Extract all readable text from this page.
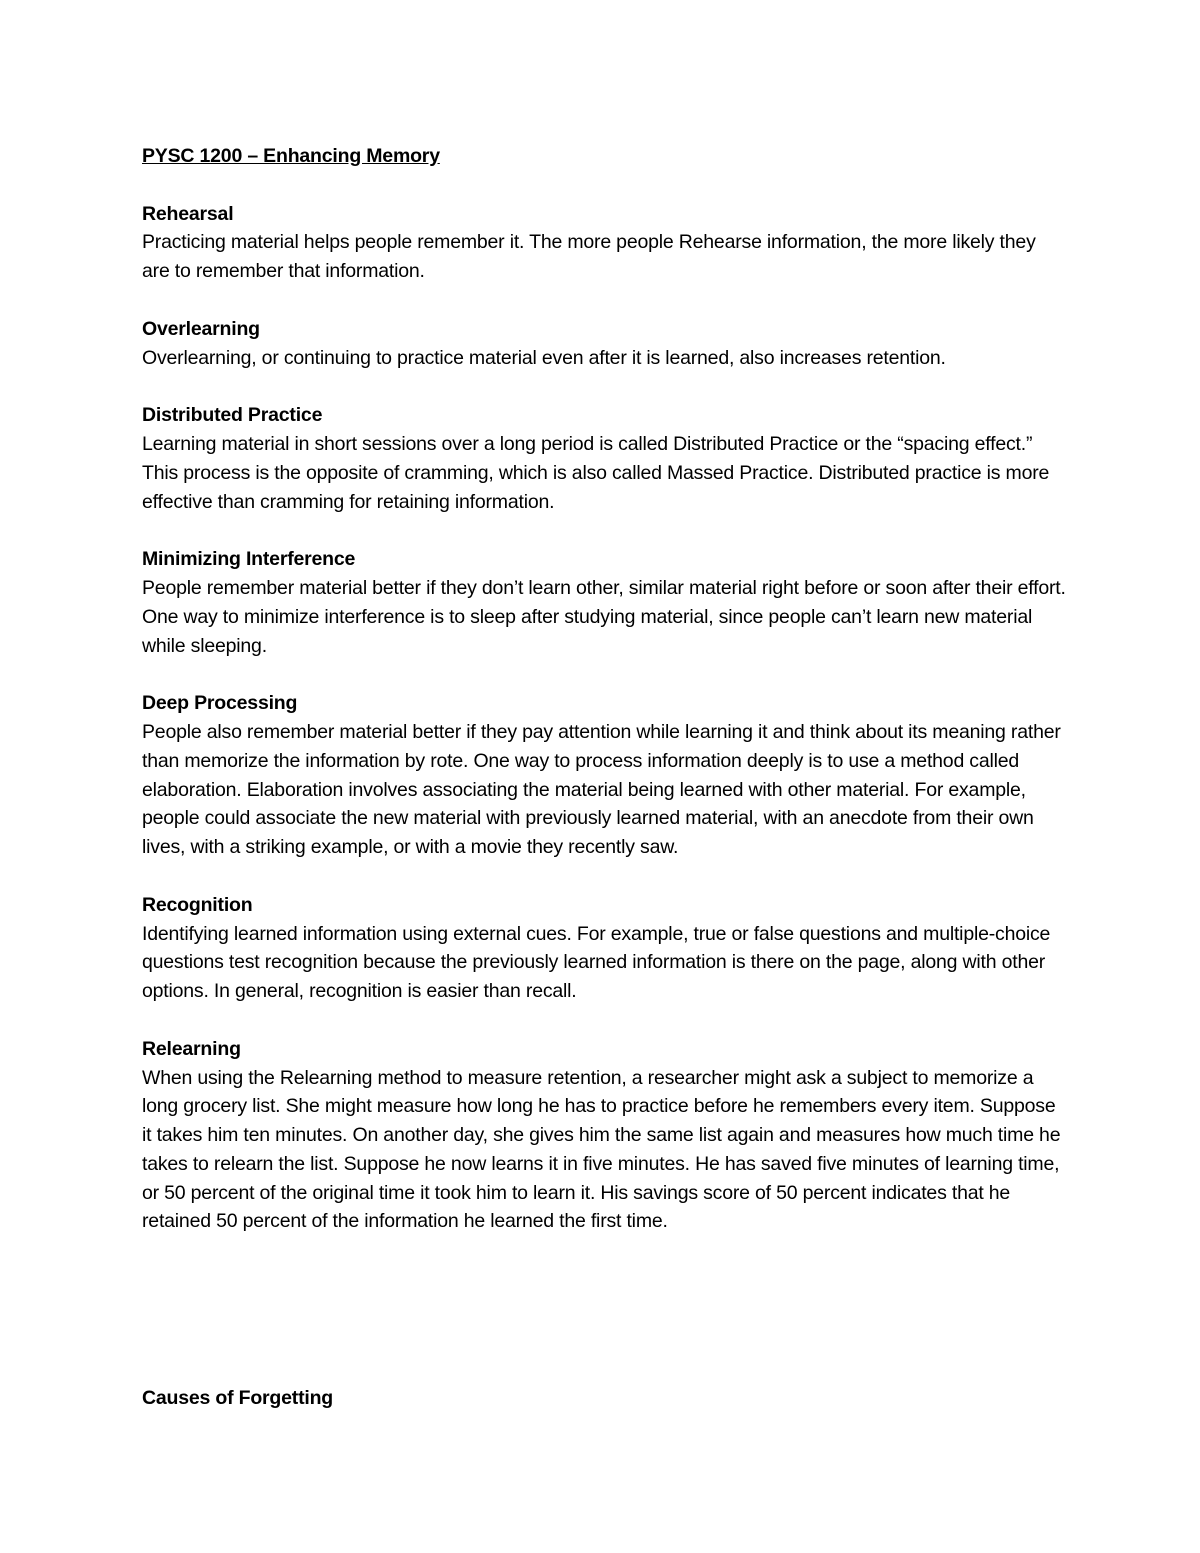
PYSC 1200 – Enhancing Memory

Rehearsal

Practicing material helps people remember it. The more people Rehearse information, the more likely they are to remember that information.

Overlearning

Overlearning, or continuing to practice material even after it is learned, also increases retention.

Distributed Practice

Learning material in short sessions over a long period is called Distributed Practice or the “spacing effect.” This process is the opposite of cramming, which is also called Massed Practice. Distributed practice is more effective than cramming for retaining information.

Minimizing Interference

People remember material better if they don’t learn other, similar material right before or soon after their effort. One way to minimize interference is to sleep after studying material, since people can’t learn new material while sleeping.

Deep Processing

People also remember material better if they pay attention while learning it and think about its meaning rather than memorize the information by rote. One way to process information deeply is to use a method called elaboration. Elaboration involves associating the material being learned with other material. For example, people could associate the new material with previously learned material, with an anecdote from their own lives, with a striking example, or with a movie they recently saw.

Recognition

Identifying learned information using external cues. For example, true or false questions and multiple-choice questions test recognition because the previously learned information is there on the page, along with other options. In general, recognition is easier than recall.

Relearning

When using the Relearning method to measure retention, a researcher might ask a subject to memorize a long grocery list. She might measure how long he has to practice before he remembers every item. Suppose it takes him ten minutes. On another day, she gives him the same list again and measures how much time he takes to relearn the list. Suppose he now learns it in five minutes. He has saved five minutes of learning time, or 50 percent of the original time it took him to learn it. His savings score of 50 percent indicates that he retained 50 percent of the information he learned the first time.

Causes of Forgetting
